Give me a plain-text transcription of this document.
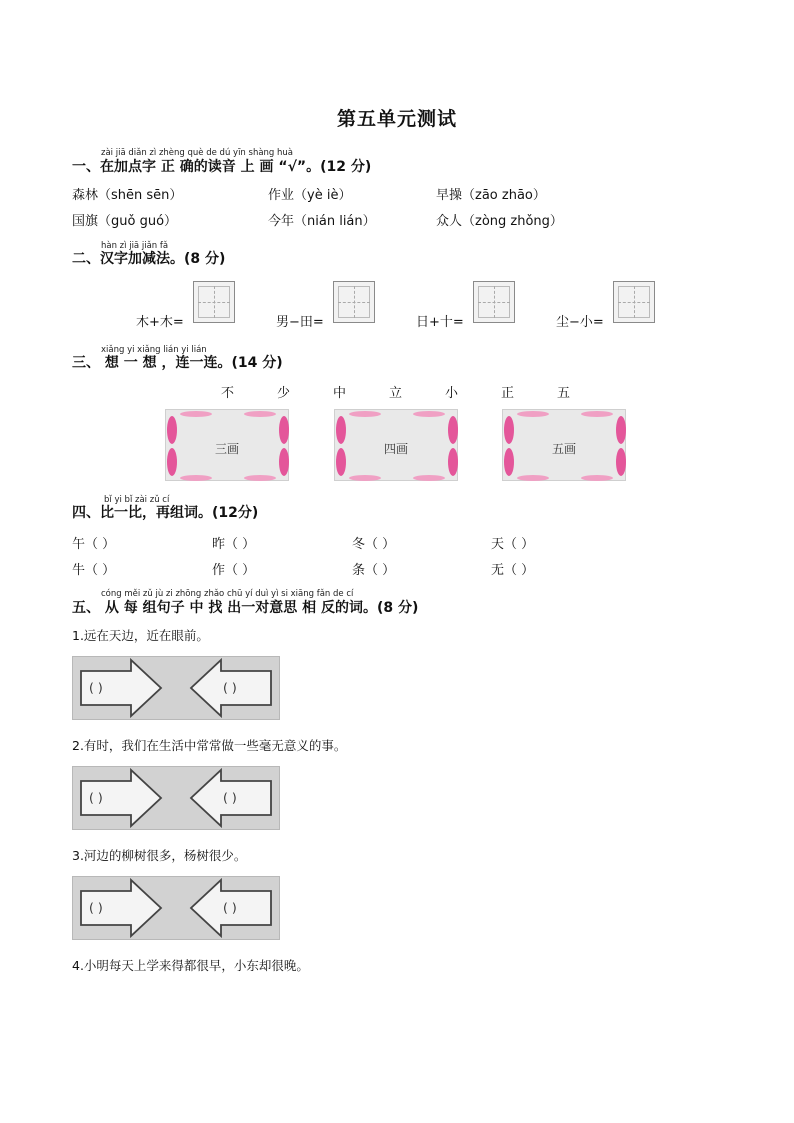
第五单元测试
zài jiā diǎn zì zhèng què de dú yīn shàng huà
一、在加点字 正 确的读音 上 画 “√”。(12 分)
森林（shēn sēn）	作业（yè iè）	早操（zāo zhāo）
国旗（guǒ guó）	今年（nián lián）	众人（zòng zhǒng）
hàn zì jiā jiǎn fǎ
二、汉字加减法。(8 分)
木+木=	男−田=	日+十=	尘−小=
xiǎng yi xiǎng lián yi lián
三、 想 一 想 ，连一连。(14 分)
不	少	中	立	小	正	五
三画	四画	五画
bǐ yi bǐ zài zǔ cí
四、比一比，再组词。(12分)
午（ ）	昨（ ）	冬（ ）	天（ ）
牛（ ）	作（ ）	条（ ）	无（ ）
cóng měi zǔ jù zi zhōng zhǎo chū yí duì yì si xiāng fǎn de cí
五、 从 每 组句子 中 找 出一对意思 相 反的词。(8 分)
1.远在天边，近在眼前。
( )	( )
2.有时，我们在生活中常常做一些毫无意义的事。
( )	( )
3.河边的柳树很多，杨树很少。
( )	( )
4.小明每天上学来得都很早，小东却很晚。
